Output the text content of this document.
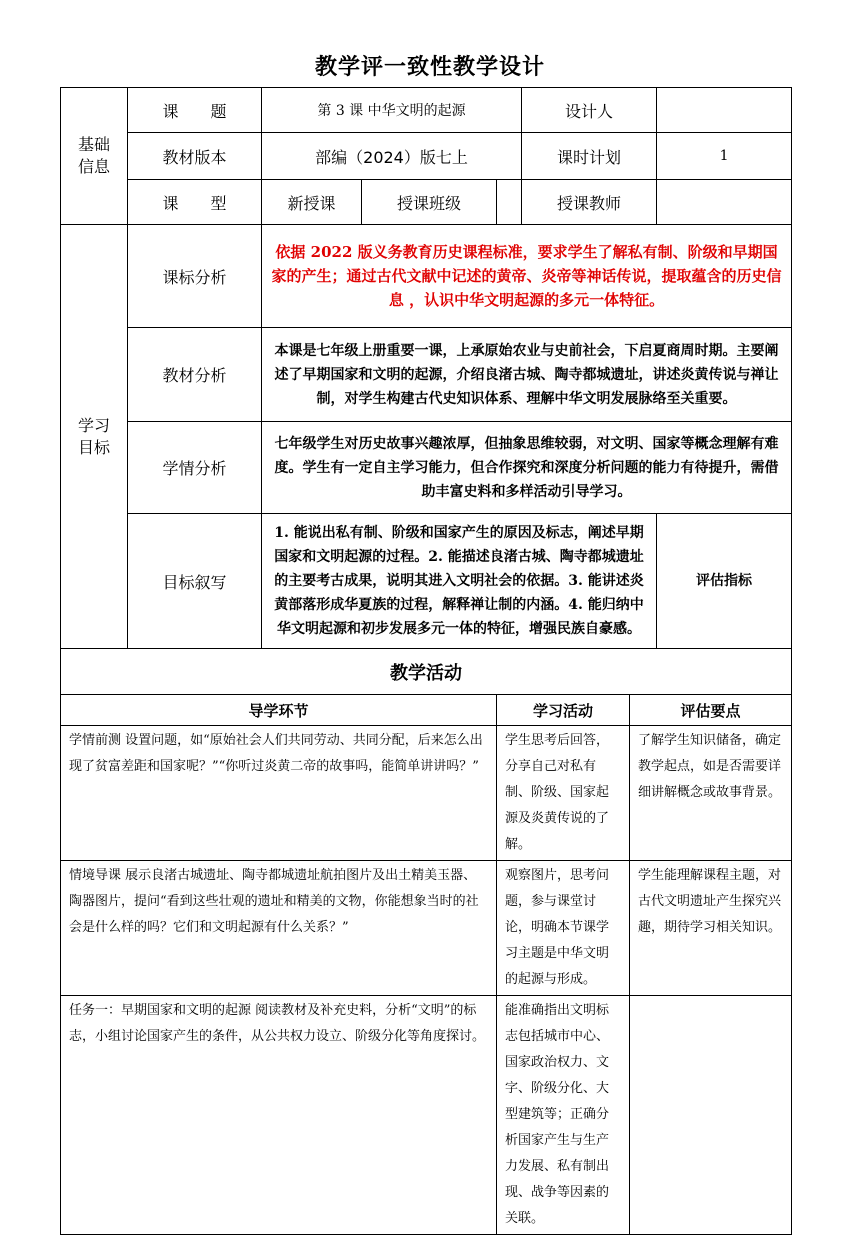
教学评一致性教学设计
基础信息	课　　题	第 3 课 中华文明的起源			设计人		
	教材版本	部编（2024）版七上			课时计划		1
	课　　型	新授课	授课班级		授课教师		
学习目标	课标分析	依据 2022 版义务教育历史课程标准，要求学生了解私有制、阶级和早期国家的产生；通过古代文献中记述的黄帝、炎帝等神话传说，提取蕴含的历史信息 ，认识中华文明起源的多元一体特征。					
	教材分析	本课是七年级上册重要一课，上承原始农业与史前社会，下启夏商周时期。主要阐述了早期国家和文明的起源，介绍良渚古城、陶寺都城遗址，讲述炎黄传说与禅让制，对学生构建古代史知识体系、理解中华文明发展脉络至关重要。					
	学情分析	七年级学生对历史故事兴趣浓厚，但抽象思维较弱，对文明、国家等概念理解有难度。学生有一定自主学习能力，但合作探究和深度分析问题的能力有待提升，需借助丰富史料和多样活动引导学习。					
	目标叙写	1. 能说出私有制、阶级和国家产生的原因及标志，阐述早期国家和文明起源的过程。2. 能描述良渚古城、陶寺都城遗址的主要考古成果，说明其进入文明社会的依据。3. 能讲述炎黄部落形成华夏族的过程，解释禅让制的内涵。4. 能归纳中华文明起源和初步发展多元一体的特征，增强民族自豪感。					评估指标
教学活动							
导学环节				学习活动		评估要点	
学情前测 设置问题，如“原始社会人们共同劳动、共同分配，后来怎么出现了贫富差距和国家呢？”“你听过炎黄二帝的故事吗，能简单讲讲吗？”				学生思考后回答，分享自己对私有制、阶级、国家起源及炎黄传说的了解。		了解学生知识储备，确定教学起点，如是否需要详细讲解概念或故事背景。	
情境导课 展示良渚古城遗址、陶寺都城遗址航拍图片及出土精美玉器、陶器图片，提问“看到这些壮观的遗址和精美的文物，你能想象当时的社会是什么样的吗？它们和文明起源有什么关系？”				观察图片，思考问题，参与课堂讨论，明确本节课学习主题是中华文明的起源与形成。		学生能理解课程主题，对古代文明遗址产生探究兴趣，期待学习相关知识。	
任务一：早期国家和文明的起源 阅读教材及补充史料，分析“文明”的标志，小组讨论国家产生的条件，从公共权力设立、阶级分化等角度探讨。				能准确指出文明标志包括城市中心、国家政治权力、文字、阶级分化、大型建筑等；正确分析国家产生与生产力发展、私有制出现、战争等因素的关联。			
